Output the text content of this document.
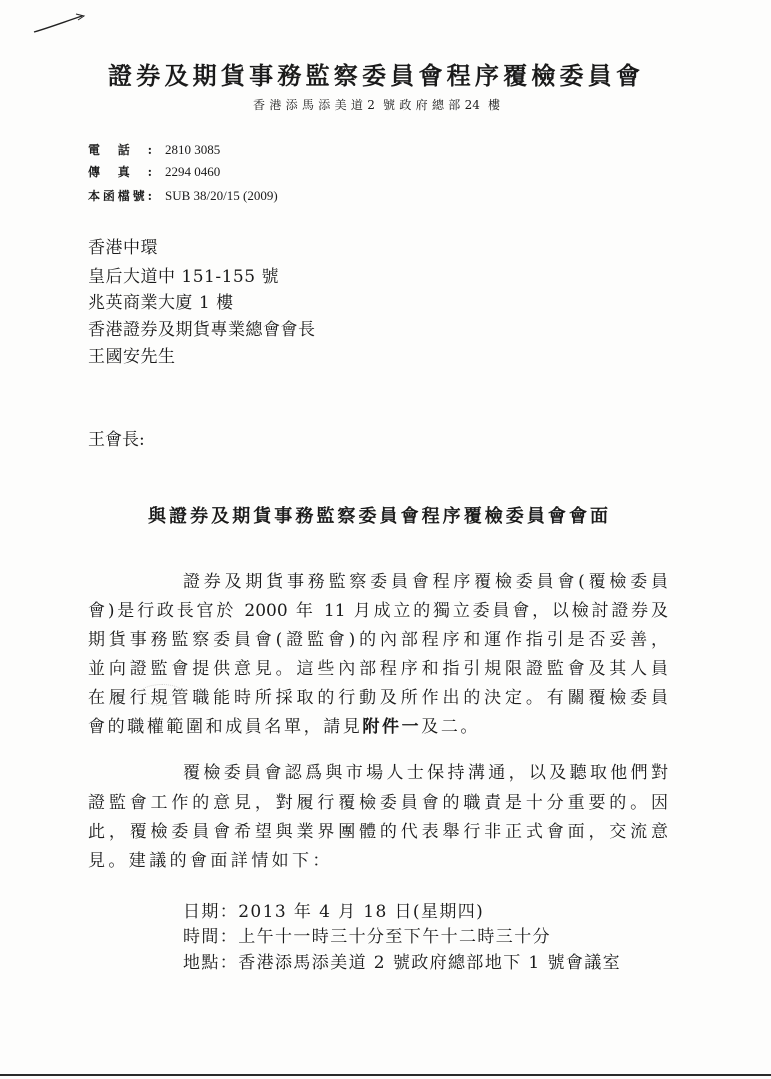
證券及期貨事務監察委員會程序覆檢委員會
香港添馬添美道2 號政府總部24 樓
電話: 2810 3085
傳真: 2294 0460
本函檔號: SUB 38/20/15 (2009)
香港中環
皇后大道中 151-155 號
兆英商業大廈 1 樓
香港證券及期貨專業總會會長
王國安先生
王會長:
與證券及期貨事務監察委員會程序覆檢委員會會面
證券及期貨事務監察委員會程序覆檢委員會(覆檢委員
會)是行政長官於 2000 年 11 月成立的獨立委員會，以檢討證券及
期貨事務監察委員會(證監會)的內部程序和運作指引是否妥善，
並向證監會提供意見。這些內部程序和指引規限證監會及其人員
在履行規管職能時所採取的行動及所作出的決定。有關覆檢委員
會的職權範圍和成員名單，請見附件一及二。
覆檢委員會認爲與市場人士保持溝通，以及聽取他們對
證監會工作的意見，對履行覆檢委員會的職責是十分重要的。因
此，覆檢委員會希望與業界團體的代表舉行非正式會面，交流意
見。建議的會面詳情如下：
日期：2013 年 4 月 18 日(星期四)
時間：上午十一時三十分至下午十二時三十分
地點：香港添馬添美道 2 號政府總部地下 1 號會議室
